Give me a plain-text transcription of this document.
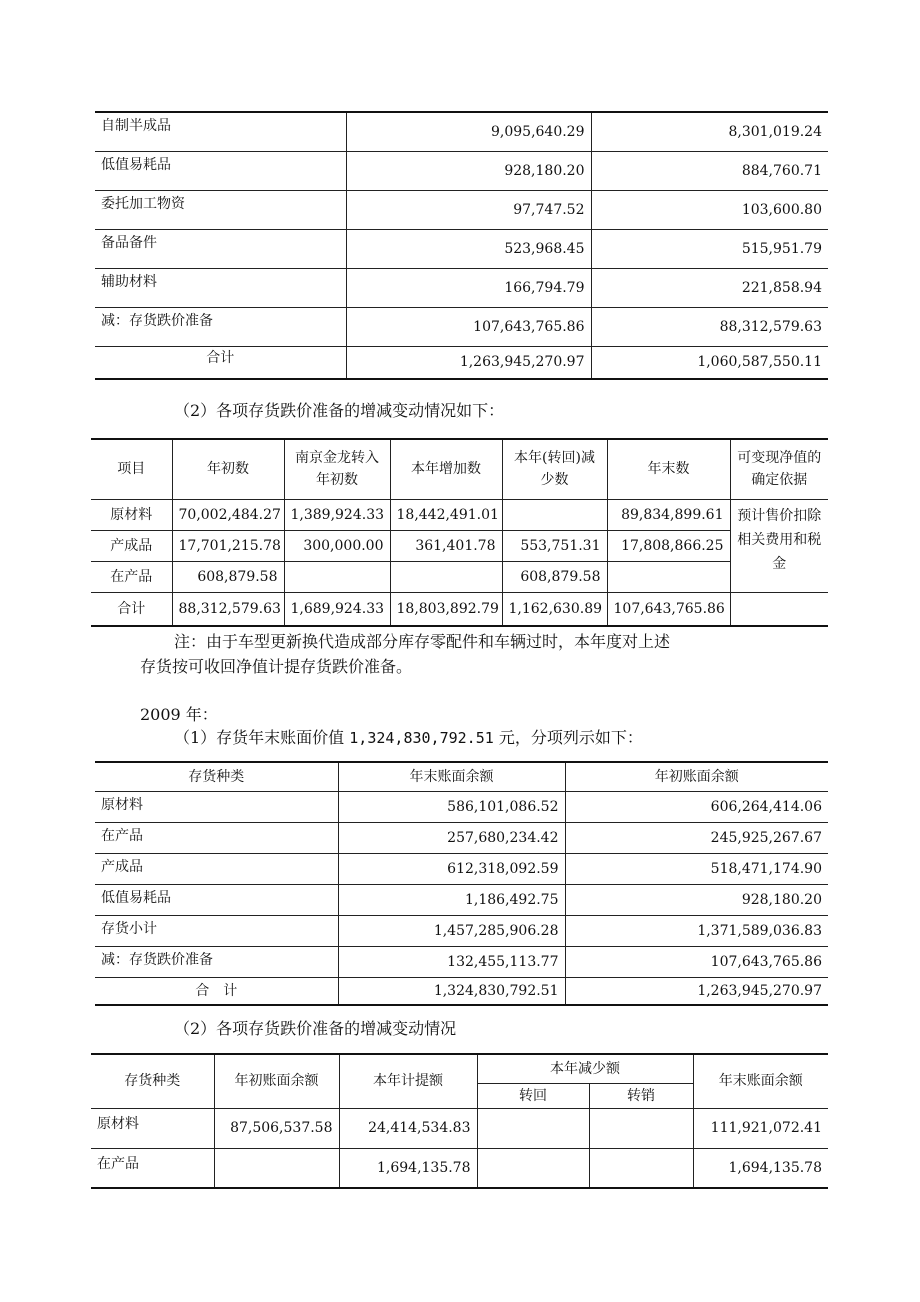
自制半成品	9,095,640.29	8,301,019.24
低值易耗品	928,180.20	884,760.71
委托加工物资	97,747.52	103,600.80
备品备件	523,968.45	515,951.79
辅助材料	166,794.79	221,858.94
减：存货跌价准备	107,643,765.86	88,312,579.63
合计	1,263,945,270.97	1,060,587,550.11
（2）各项存货跌价准备的增减变动情况如下：
项目	年初数	南京金龙转入年初数	本年增加数	本年(转回)减少数	年末数	可变现净值的确定依据
原材料	70,002,484.27	1,389,924.33	18,442,491.01		89,834,899.61	预计售价扣除相关费用和税金
产成品	17,701,215.78	300,000.00	361,401.78	553,751.31	17,808,866.25	
在产品	608,879.58			608,879.58		
合计	88,312,579.63	1,689,924.33	18,803,892.79	1,162,630.89	107,643,765.86	
注：由于车型更新换代造成部分库存零配件和车辆过时，本年度对上述
存货按可收回净值计提存货跌价准备。
2009 年：
（1）存货年末账面价值 1,324,830,792.51 元，分项列示如下：
存货种类	年末账面余额	年初账面余额
原材料	586,101,086.52	606,264,414.06
在产品	257,680,234.42	245,925,267.67
产成品	612,318,092.59	518,471,174.90
低值易耗品	1,186,492.75	928,180.20
存货小计	1,457,285,906.28	1,371,589,036.83
减：存货跌价准备	132,455,113.77	107,643,765.86
合　计	1,324,830,792.51	1,263,945,270.97
（2）各项存货跌价准备的增减变动情况
存货种类	年初账面余额	本年计提额	本年减少额		年末账面余额
			转回	转销	
原材料	87,506,537.58	24,414,534.83			111,921,072.41
在产品		1,694,135.78			1,694,135.78
